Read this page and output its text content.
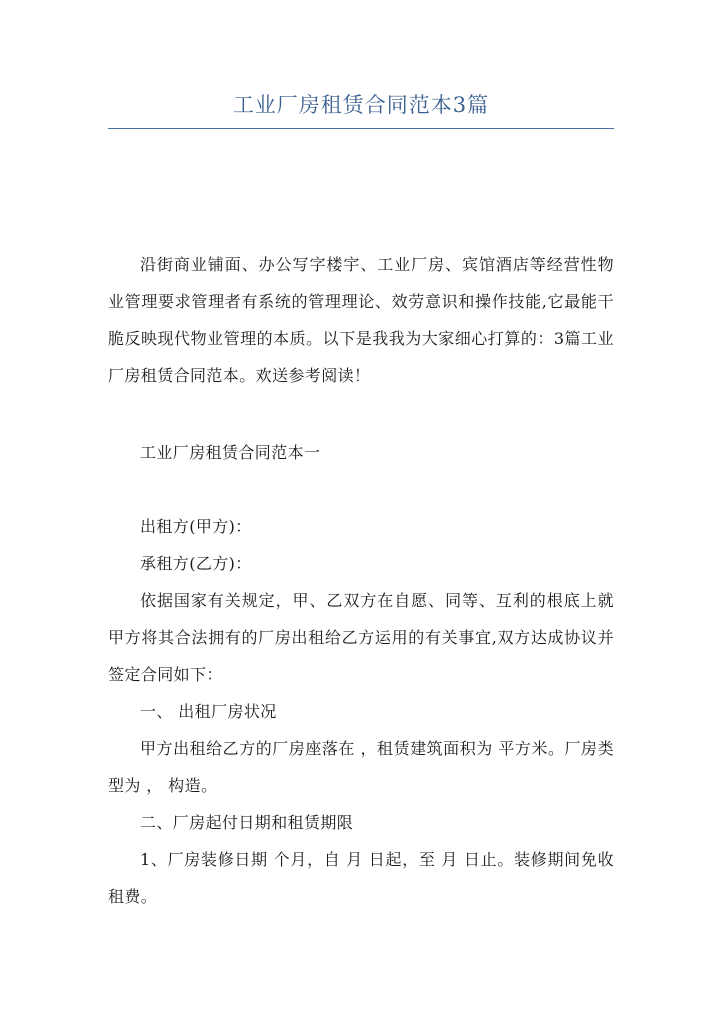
工业厂房租赁合同范本3篇

沿街商业铺面、办公写字楼宇、工业厂房、宾馆酒店等经营性物业管理要求管理者有系统的管理理论、效劳意识和操作技能,它最能干脆反映现代物业管理的本质。以下是我我为大家细心打算的：3篇工业厂房租赁合同范本。欢送参考阅读！

工业厂房租赁合同范本一

出租方(甲方)：

承租方(乙方)：

依据国家有关规定，甲、乙双方在自愿、同等、互利的根底上就甲方将其合法拥有的厂房出租给乙方运用的有关事宜,双方达成协议并签定合同如下：

一、 出租厂房状况

甲方出租给乙方的厂房座落在 ，租赁建筑面积为 平方米。厂房类型为 ， 构造。

二、厂房起付日期和租赁期限

1、厂房装修日期 个月，自 月 日起，至 月 日止。装修期间免收租费。
